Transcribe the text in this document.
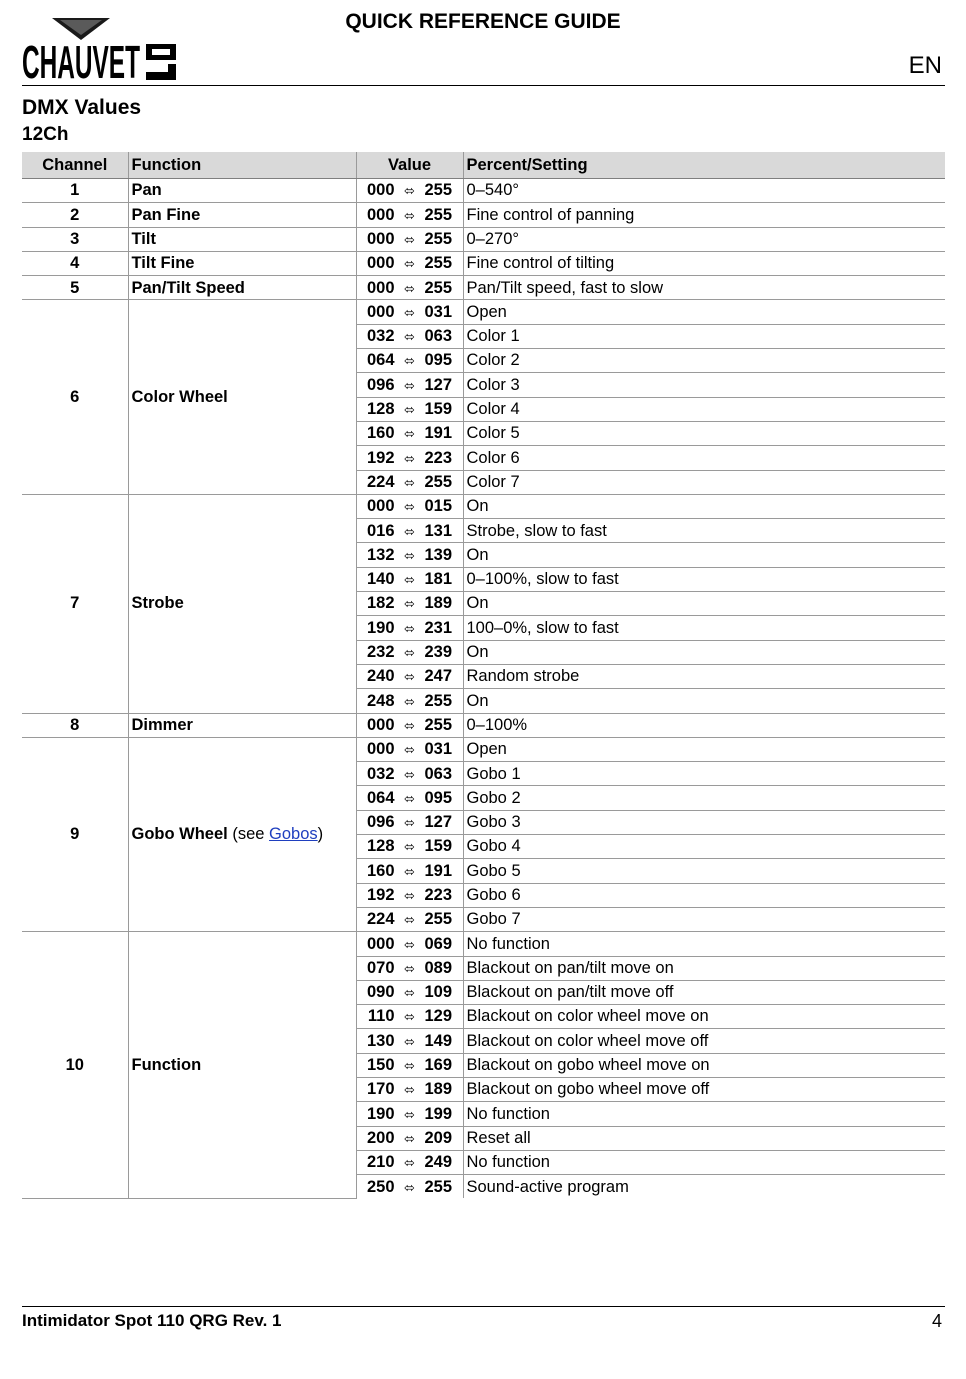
CHAUVET
QUICK REFERENCE GUIDE
EN
DMX Values
12Ch
Channel	Function	Value	Percent/Setting
1	Pan	000 ⬄ 255	0–540°
2	Pan Fine	000 ⬄ 255	Fine control of panning
3	Tilt	000 ⬄ 255	0–270°
4	Tilt Fine	000 ⬄ 255	Fine control of tilting
5	Pan/Tilt Speed	000 ⬄ 255	Pan/Tilt speed, fast to slow
6	Color Wheel	000 ⬄ 031	Open
		032 ⬄ 063	Color 1
		064 ⬄ 095	Color 2
		096 ⬄ 127	Color 3
		128 ⬄ 159	Color 4
		160 ⬄ 191	Color 5
		192 ⬄ 223	Color 6
		224 ⬄ 255	Color 7
7	Strobe	000 ⬄ 015	On
		016 ⬄ 131	Strobe, slow to fast
		132 ⬄ 139	On
		140 ⬄ 181	0–100%, slow to fast
		182 ⬄ 189	On
		190 ⬄ 231	100–0%, slow to fast
		232 ⬄ 239	On
		240 ⬄ 247	Random strobe
		248 ⬄ 255	On
8	Dimmer	000 ⬄ 255	0–100%
9	Gobo Wheel (see Gobos)	000 ⬄ 031	Open
		032 ⬄ 063	Gobo 1
		064 ⬄ 095	Gobo 2
		096 ⬄ 127	Gobo 3
		128 ⬄ 159	Gobo 4
		160 ⬄ 191	Gobo 5
		192 ⬄ 223	Gobo 6
		224 ⬄ 255	Gobo 7
10	Function	000 ⬄ 069	No function
		070 ⬄ 089	Blackout on pan/tilt move on
		090 ⬄ 109	Blackout on pan/tilt move off
		110 ⬄ 129	Blackout on color wheel move on
		130 ⬄ 149	Blackout on color wheel move off
		150 ⬄ 169	Blackout on gobo wheel move on
		170 ⬄ 189	Blackout on gobo wheel move off
		190 ⬄ 199	No function
		200 ⬄ 209	Reset all
		210 ⬄ 249	No function
		250 ⬄ 255	Sound-active program
Intimidator Spot 110 QRG Rev. 1	4
